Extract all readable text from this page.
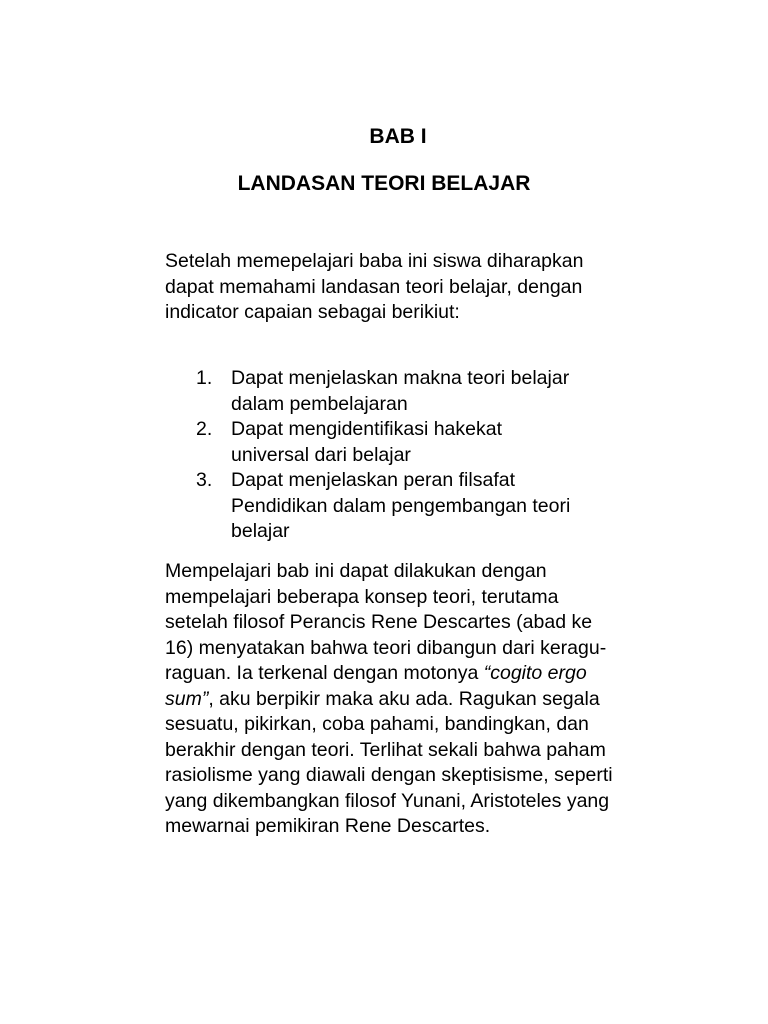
BAB I
LANDASAN TEORI BELAJAR
Setelah memepelajari baba ini siswa diharapkan dapat memahami landasan teori belajar, dengan indicator capaian sebagai berikiut:
1. Dapat menjelaskan makna teori belajar dalam pembelajaran
2. Dapat mengidentifikasi hakekat universal dari belajar
3. Dapat menjelaskan peran filsafat Pendidikan dalam pengembangan teori belajar
Mempelajari bab ini dapat dilakukan dengan mempelajari beberapa konsep teori, terutama setelah filosof Perancis Rene Descartes (abad ke 16) menyatakan bahwa teori dibangun dari keragu-raguan. Ia terkenal dengan motonya “cogito ergo sum”, aku berpikir maka aku ada. Ragukan segala sesuatu, pikirkan, coba pahami, bandingkan, dan berakhir dengan teori. Terlihat sekali bahwa paham rasiolisme yang diawali dengan skeptisisme, seperti yang dikembangkan filosof Yunani, Aristoteles yang mewarnai pemikiran Rene Descartes.
